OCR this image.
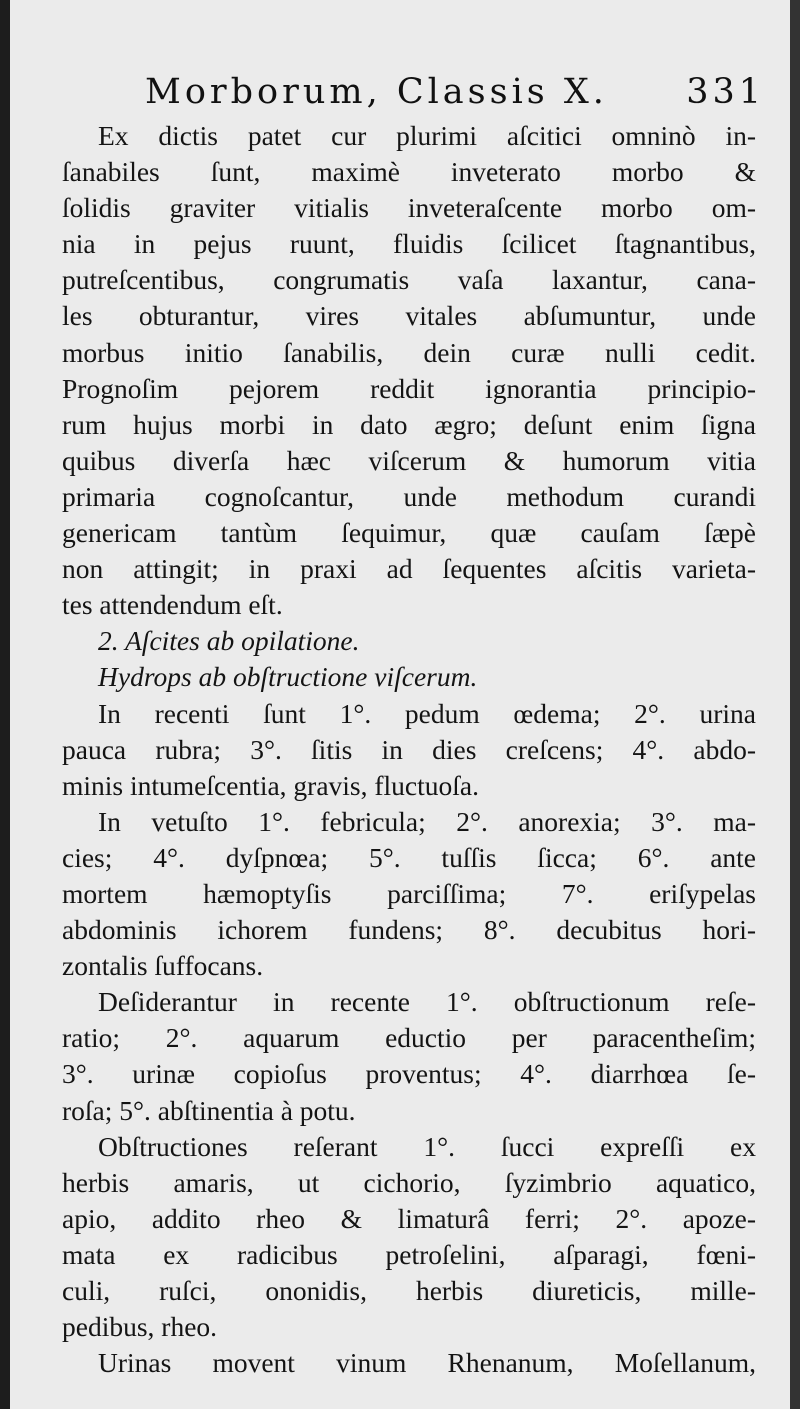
Morborum, Classis X. 331
Ex dictis patet cur plurimi aſcitici omninò in-
ſanabiles ſunt, maximè inveterato morbo &
ſolidis graviter vitialis inveteraſcente morbo om-
nia in pejus ruunt, fluidis ſcilicet ſtagnantibus,
putreſcentibus, congrumatis vaſa laxantur, cana-
les obturantur, vires vitales abſumuntur, unde
morbus initio ſanabilis, dein curæ nulli cedit.
Prognoſim pejorem reddit ignorantia principio-
rum hujus morbi in dato ægro; deſunt enim ſigna
quibus diverſa hæc viſcerum & humorum vitia
primaria cognoſcantur, unde methodum curandi
genericam tantùm ſequimur, quæ cauſam ſæpè
non attingit; in praxi ad ſequentes aſcitis varieta-
tes attendendum eſt.
2. Aſcites ab opilatione.
Hydrops ab obſtructione viſcerum.
In recenti ſunt 1°. pedum œdema; 2°. urina
pauca rubra; 3°. ſitis in dies creſcens; 4°. abdo-
minis intumeſcentia, gravis, fluctuoſa.
In vetuſto 1°. febricula; 2°. anorexia; 3°. ma-
cies; 4°. dyſpnœa; 5°. tuſſis ſicca; 6°. ante
mortem hæmoptyſis parciſſima; 7°. eriſypelas
abdominis ichorem fundens; 8°. decubitus hori-
zontalis ſuffocans.
Deſiderantur in recente 1°. obſtructionum reſe-
ratio; 2°. aquarum eductio per paracentheſim;
3°. urinæ copioſus proventus; 4°. diarrhœa ſe-
roſa; 5°. abſtinentia à potu.
Obſtructiones reſerant 1°. ſucci expreſſi ex
herbis amaris, ut cichorio, ſyzimbrio aquatico,
apio, addito rheo & limaturâ ferri; 2°. apoze-
mata ex radicibus petroſelini, aſparagi, fœni-
culi, ruſci, ononidis, herbis diureticis, mille-
pedibus, rheo.
Urinas movent vinum Rhenanum, Moſellanum,
